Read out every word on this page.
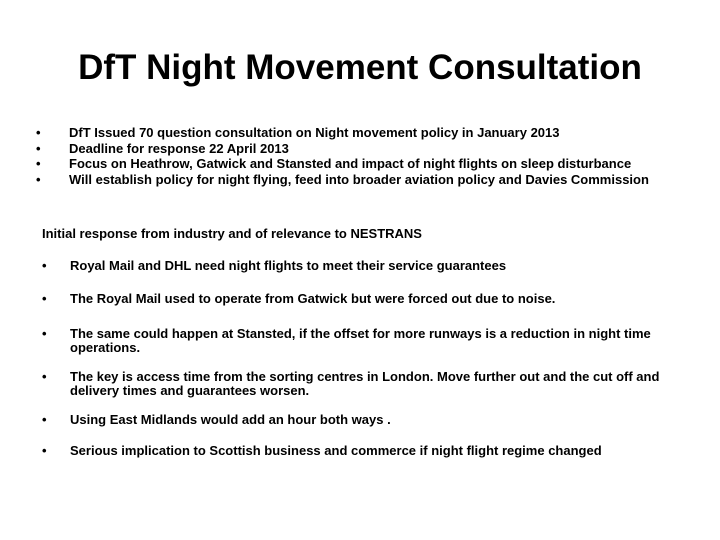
DfT Night Movement Consultation
• DfT Issued 70 question consultation on Night movement policy in January 2013
• Deadline for response 22 April 2013
• Focus on Heathrow, Gatwick and Stansted and impact of night flights on sleep disturbance
• Will establish policy for night flying, feed into broader aviation policy and Davies Commission

Initial response from industry and of relevance to NESTRANS

• Royal Mail and DHL need night flights to meet their service guarantees
• The Royal Mail used to operate from Gatwick but were forced out due to noise.
• The same could happen at Stansted, if the offset for more runways is a reduction in night time operations.
• The key is access time from the sorting centres in London. Move further out and the cut off and delivery times and guarantees worsen.
• Using East Midlands would add an hour both ways .
• Serious implication to Scottish business and commerce if night flight regime changed
